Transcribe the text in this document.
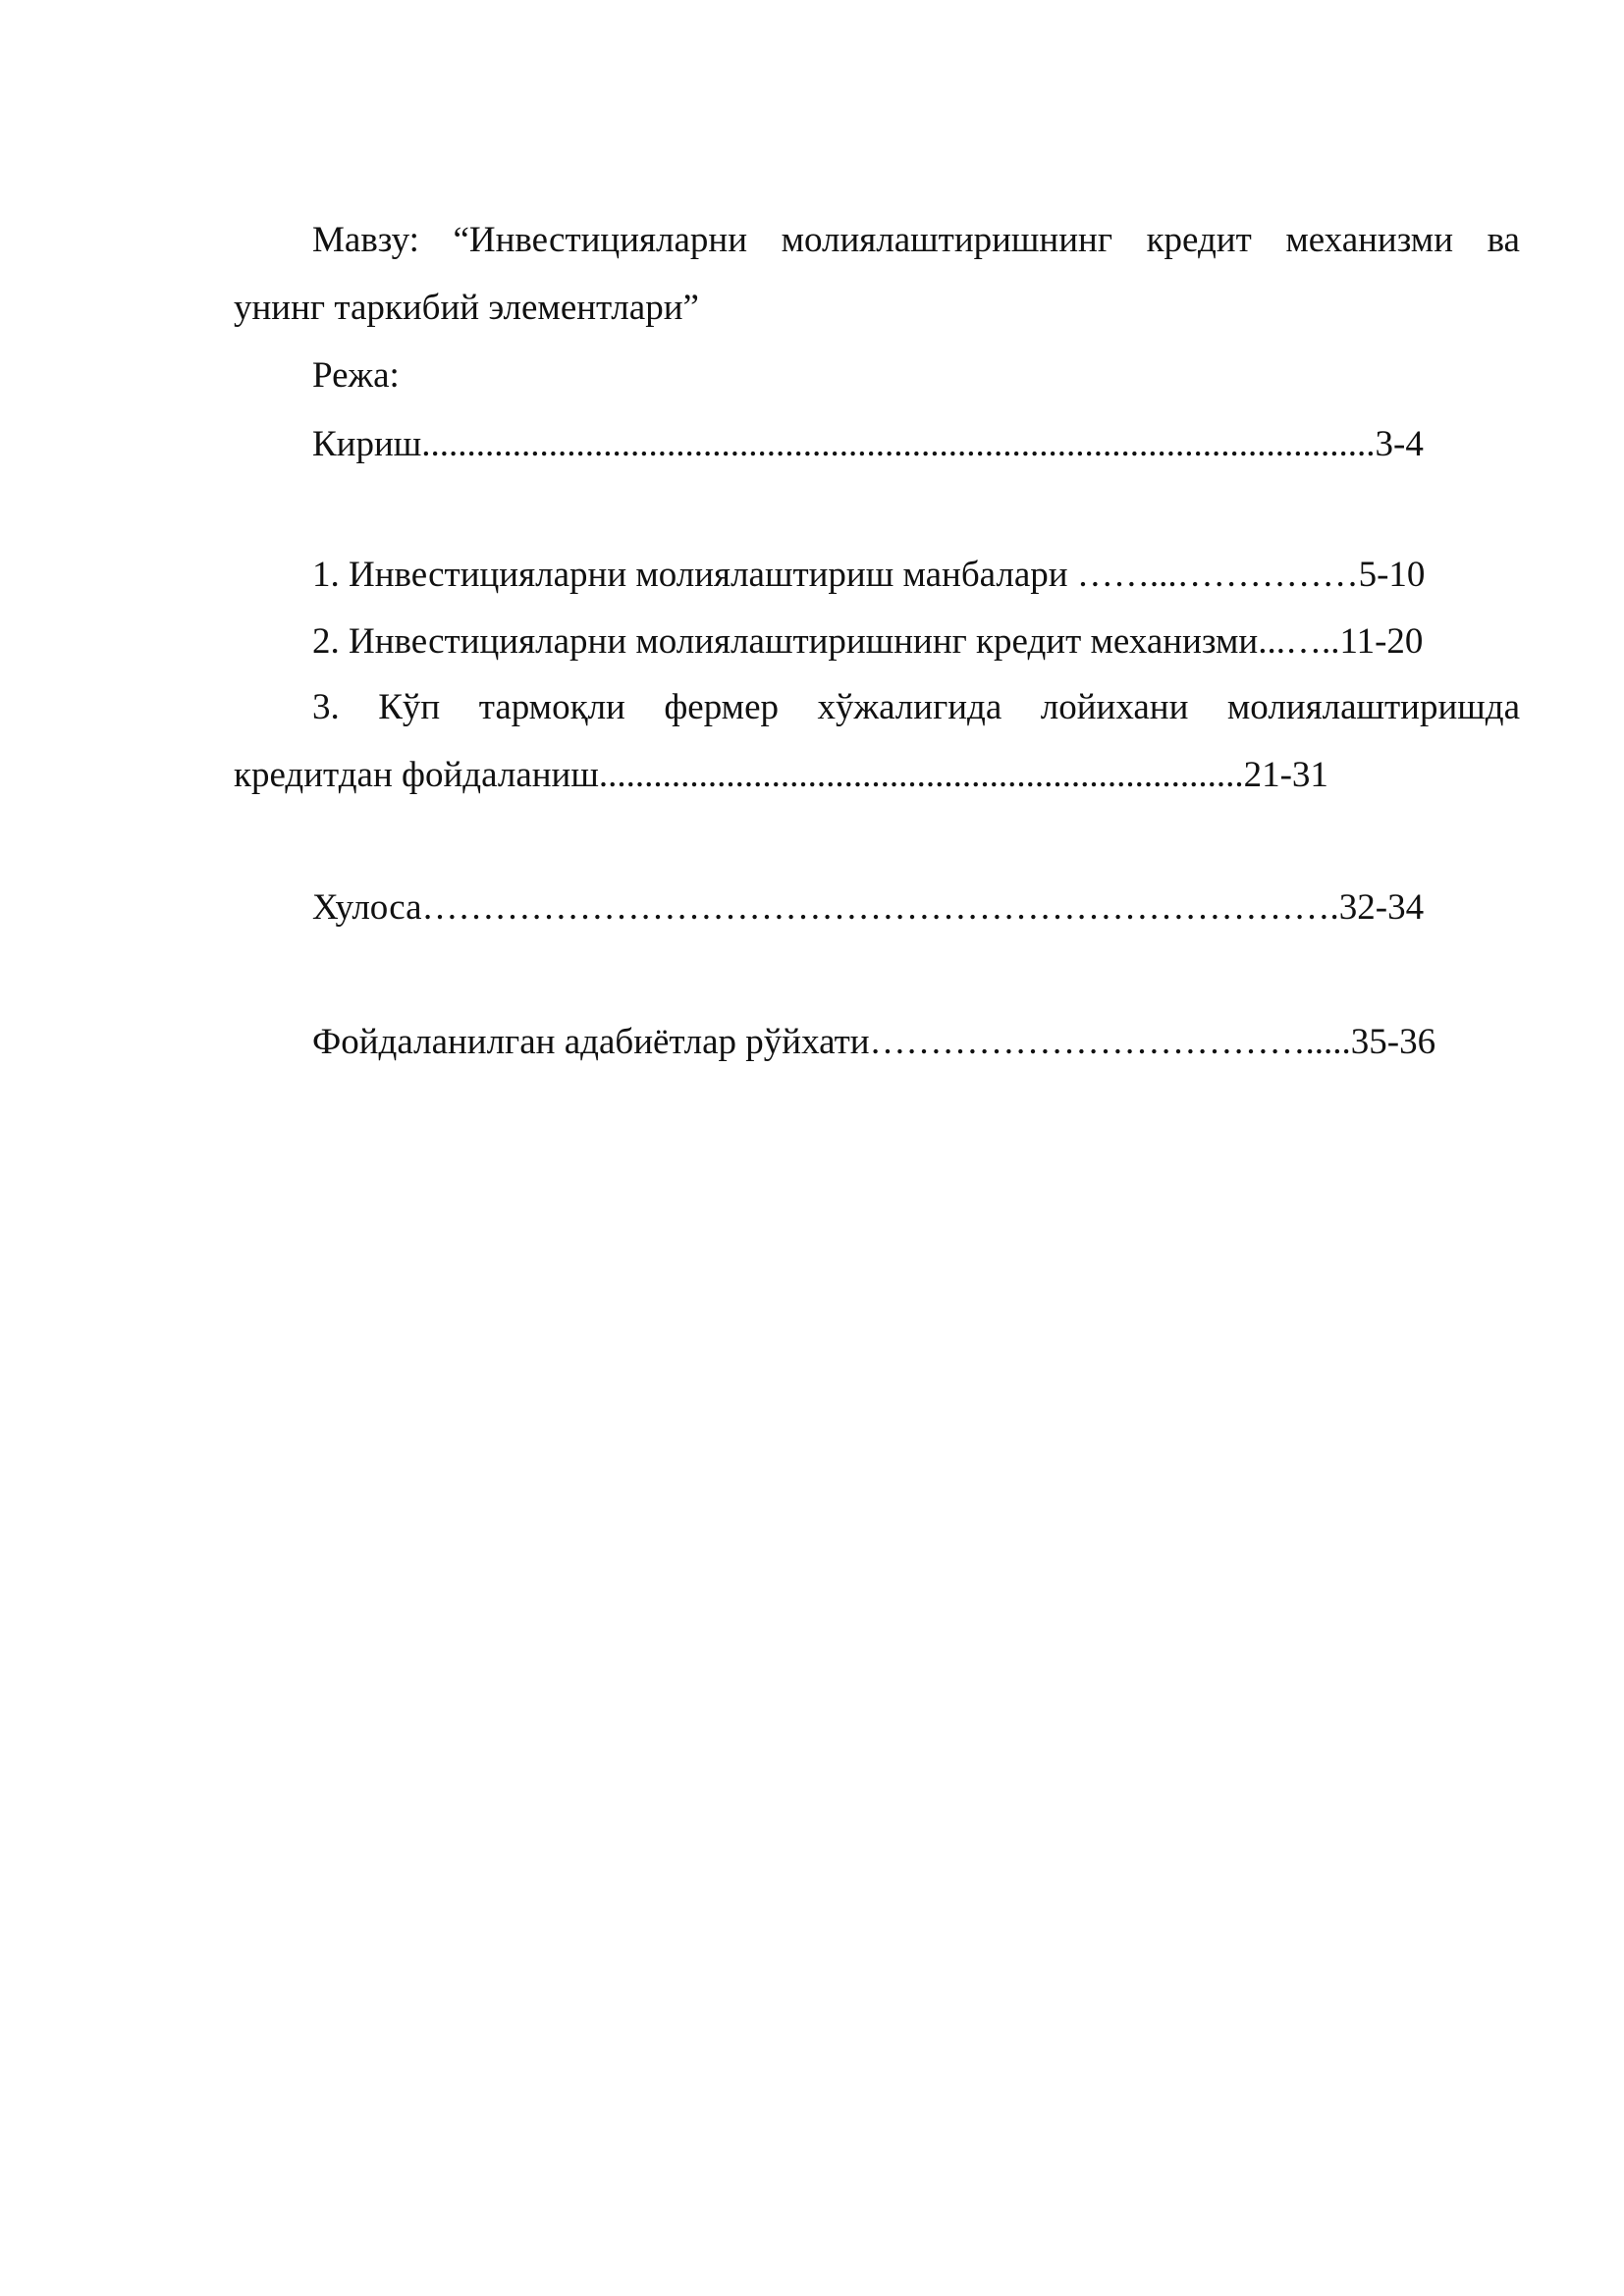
Мавзу: “Инвестицияларни молиялаштиришнинг кредит механизми ва
унинг таркибий элементлари”
Режа:
Кириш.........................................................................................................3-4
1. Инвестицияларни молиялаштириш манбалари ……...……………5-10
2. Инвестицияларни молиялаштиришнинг кредит механизми...…..11-20
3. Кўп тармоқли фермер хўжалигида лойихани молиялаштиришда
кредитдан фойдаланиш.......................................................................21-31
Хулоса………………………………………………………………….32-34
Фойдаланилган адабиётлар рўйхати……………………………….....35-36
